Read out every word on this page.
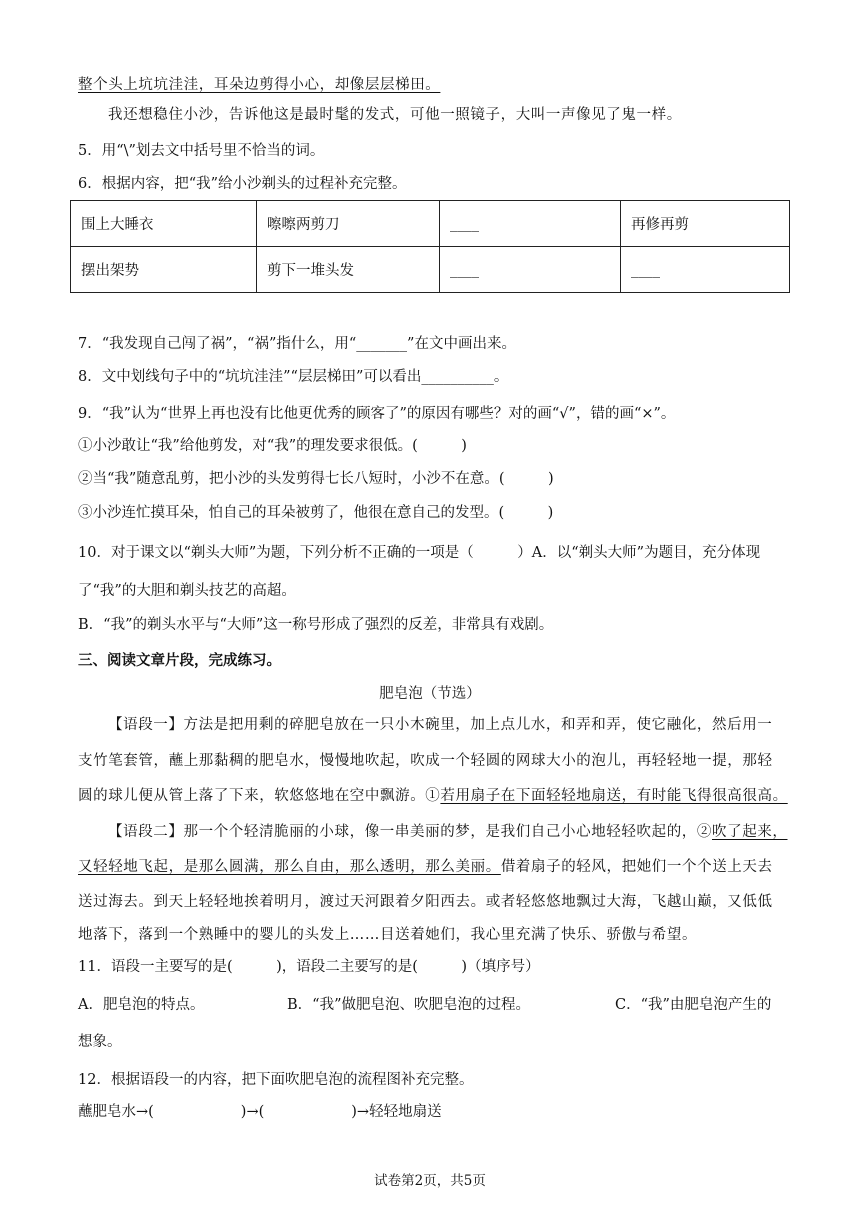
整个头上坑坑洼洼，耳朵边剪得小心，却像层层梯田。
我还想稳住小沙，告诉他这是最时髦的发式，可他一照镜子，大叫一声像见了鬼一样。
5．用“\”划去文中括号里不恰当的词。
6．根据内容，把“我”给小沙剃头的过程补充完整。
围上大睡衣	嚓嚓两剪刀	____	再修再剪
摆出架势	剪下一堆头发	____	____
7．“我发现自己闯了祸”，“祸”指什么，用“_______”在文中画出来。
8．文中划线句子中的“坑坑洼洼”“层层梯田”可以看出__________。
9．“我”认为“世界上再也没有比他更优秀的顾客了”的原因有哪些？对的画“√”，错的画“×”。
①小沙敢让“我”给他剪发，对“我”的理发要求很低。(　　　)
②当“我”随意乱剪，把小沙的头发剪得七长八短时，小沙不在意。(　　　)
③小沙连忙摸耳朵，怕自己的耳朵被剪了，他很在意自己的发型。(　　　)
10．对于课文以“剃头大师”为题，下列分析不正确的一项是（　　　）A．以“剃头大师”为题目，充分体现
了“我”的大胆和剃头技艺的高超。
B．“我”的剃头水平与“大师”这一称号形成了强烈的反差，非常具有戏剧。
三、阅读文章片段，完成练习。
肥皂泡（节选）
【语段一】方法是把用剩的碎肥皂放在一只小木碗里，加上点儿水，和弄和弄，使它融化，然后用一
支竹笔套管，蘸上那黏稠的肥皂水，慢慢地吹起，吹成一个轻圆的网球大小的泡儿，再轻轻地一提，那轻
圆的球儿便从管上落了下来，软悠悠地在空中飘游。①若用扇子在下面轻轻地扇送，有时能飞得很高很高。
【语段二】那一个个轻清脆丽的小球，像一串美丽的梦，是我们自己小心地轻轻吹起的，②吹了起来，
又轻轻地飞起，是那么圆满，那么自由，那么透明，那么美丽。借着扇子的轻风，把她们一个个送上天去
送过海去。到天上轻轻地挨着明月，渡过天河跟着夕阳西去。或者轻悠悠地飘过大海，飞越山巅，又低低
地落下，落到一个熟睡中的婴儿的头发上……目送着她们，我心里充满了快乐、骄傲与希望。
11．语段一主要写的是(　　　)，语段二主要写的是(　　　)（填序号）
A．肥皂泡的特点。	B．“我”做肥皂泡、吹肥皂泡的过程。	C．“我”由肥皂泡产生的
想象。
12．根据语段一的内容，把下面吹肥皂泡的流程图补充完整。
蘸肥皂水→(　　　　　　)→(　　　　　　)→轻轻地扇送
试卷第2页，共5页
